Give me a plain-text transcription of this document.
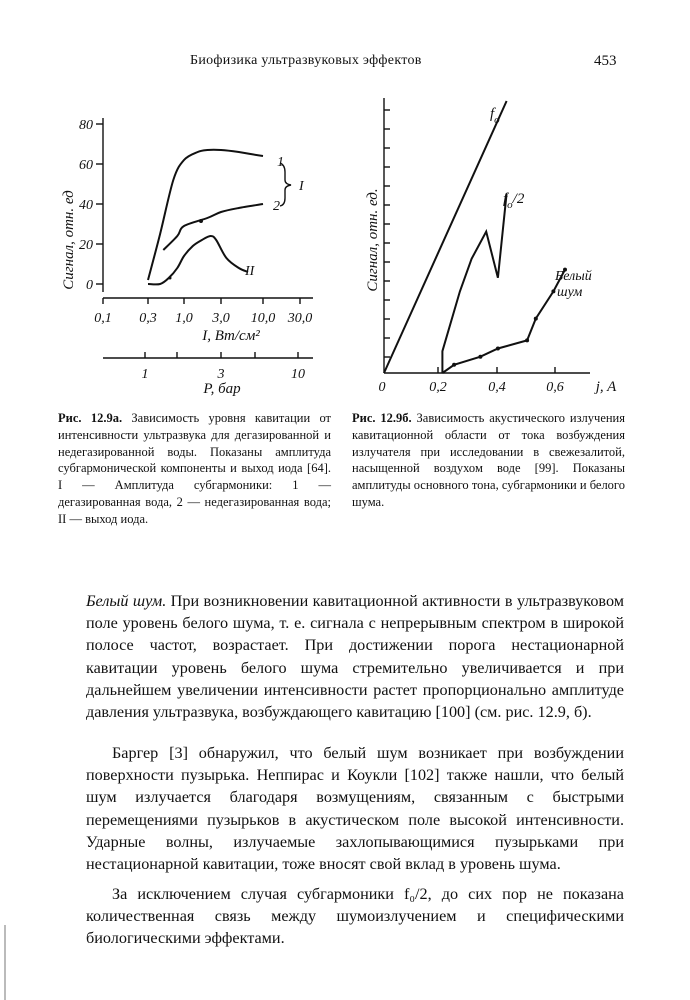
Биофизика ультразвуковых эффектов	453
Сигнал, отн. ед
80
60
40
20
0
0,1 0,3 1,0 3,0 10,0 30,0
I, Вт/см²
1	3	10
P, бар
1
2
II
I
Сигнал, отн. ед.
0	0,2	0,4	0,6 j, A
$f_o$
$f_o/2$
Белый
шум
Рис. 12.9а. Зависимость уровня кавитации от интенсивности ультразвука для дегазированной и недегазированной воды. Показаны амплитуда субгармонической компоненты и выход иода [64]. I — Амплитуда субгармоники: 1 — дегазированная вода, 2 — недегазированная вода; II — выход иода.
Рис. 12.9б. Зависимость акустического излучения кавитационной области от тока возбуждения излучателя при исследовании в свежезалитой, насыщенной воздухом воде [99]. Показаны амплитуды основного тона, субгармоники и белого шума.
Белый шум. При возникновении кавитационной активности в ультразвуковом поле уровень белого шума, т. е. сигнала с непрерывным спектром в широкой полосе частот, возрастает. При достижении порога нестационарной кавитации уровень белого шума стремительно увеличивается и при дальнейшем увеличении интенсивности растет пропорционально амплитуде давления ультразвука, возбуждающего кавитацию [100] (см. рис. 12.9, б).
Баргер [3] обнаружил, что белый шум возникает при возбуждении поверхности пузырька. Неппирас и Коукли [102] также нашли, что белый шум излучается благодаря возмущениям, связанным с быстрыми перемещениями пузырьков в акустическом поле высокой интенсивности. Ударные волны, излучаемые захлопывающимися пузырьками при нестационарной кавитации, тоже вносят свой вклад в уровень шума.
За исключением случая субгармоники f₀/2, до сих пор не показана количественная связь между шумоизлучением и специфическими биологическими эффектами.
